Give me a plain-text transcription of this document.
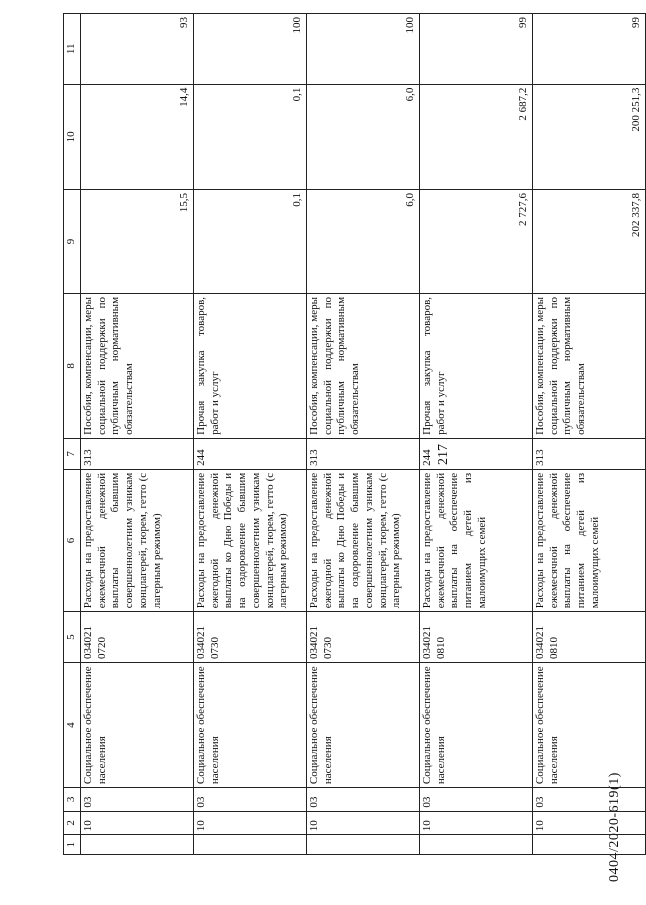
217
0404/2020-619(1)
1	2	3	4	5	6	7	8	9	10	11
	10	03	Социальное обеспечение населения	034021 0720	Расходы на предоставление ежемесячной денежной выплаты бывшим совершеннолетним узникам концлагерей, тюрем, гетто (с лагерным режимом)	313	Пособия, компенсации, меры социальной поддержки по публичным нормативным обязательствам	15,5	14,4	93
	10	03	Социальное обеспечение населения	034021 0730	Расходы на предоставление ежегодной денежной выплаты ко Дню Победы и на оздоровление бывшим совершеннолетним узникам концлагерей, тюрем, гетто (с лагерным режимом)	244	Прочая закупка товаров, работ и услуг	0,1	0,1	100
	10	03	Социальное обеспечение населения	034021 0730	Расходы на предоставление ежегодной денежной выплаты ко Дню Победы и на оздоровление бывшим совершеннолетним узникам концлагерей, тюрем, гетто (с лагерным режимом)	313	Пособия, компенсации, меры социальной поддержки по публичным нормативным обязательствам	6,0	6,0	100
	10	03	Социальное обеспечение населения	034021 0810	Расходы на предоставление ежемесячной денежной выплаты на обеспечение питанием детей из малоимущих семей	244	Прочая закупка товаров, работ и услуг	2 727,6	2 687,2	99
	10	03	Социальное обеспечение населения	034021 0810	Расходы на предоставление ежемесячной денежной выплаты на обеспечение питанием детей из малоимущих семей	313	Пособия, компенсации, меры социальной поддержки по публичным нормативным обязательствам	202 337,8	200 251,3	99
